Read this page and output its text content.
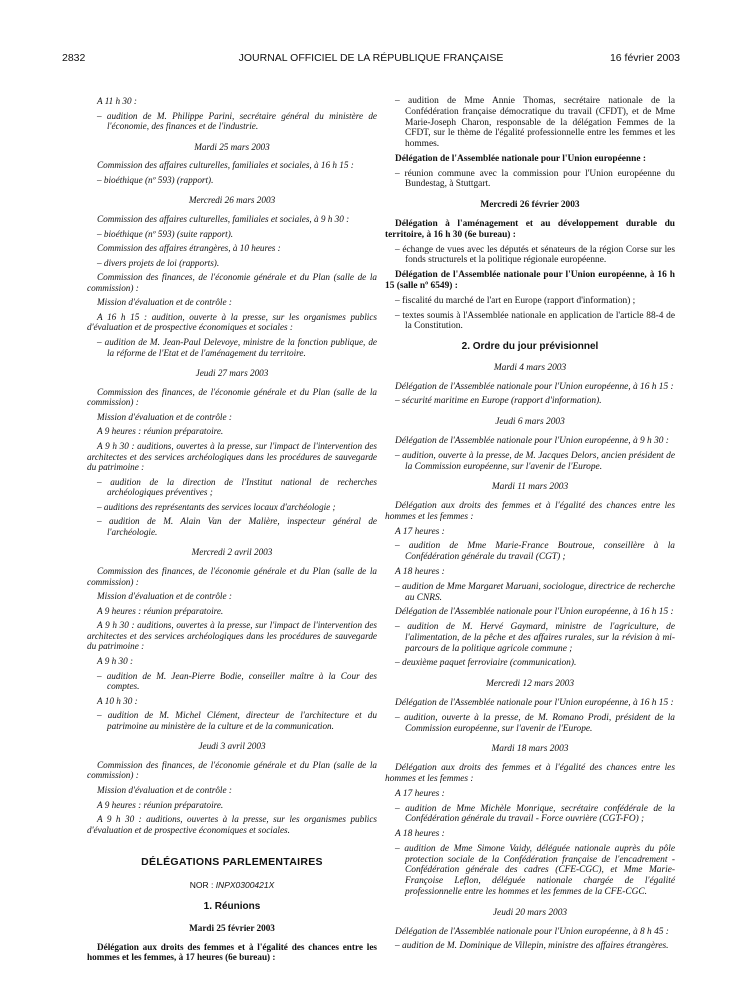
2832	JOURNAL OFFICIEL DE LA RÉPUBLIQUE FRANÇAISE	16 février 2003
A 11 h 30 :
– audition de M. Philippe Parini, secrétaire général du ministère de l'économie, des finances et de l'industrie.
Mardi 25 mars 2003
Commission des affaires culturelles, familiales et sociales, à 16 h 15 :
– bioéthique (nº 593) (rapport).
Mercredi 26 mars 2003
Commission des affaires culturelles, familiales et sociales, à 9 h 30 :
– bioéthique (nº 593) (suite rapport).
Commission des affaires étrangères, à 10 heures :
– divers projets de loi (rapports).
Commission des finances, de l'économie générale et du Plan (salle de la commission) :
Mission d'évaluation et de contrôle :
A 16 h 15 : audition, ouverte à la presse, sur les organismes publics d'évaluation et de prospective économiques et sociales :
– audition de M. Jean-Paul Delevoye, ministre de la fonction publique, de la réforme de l'Etat et de l'aménagement du territoire.
Jeudi 27 mars 2003
Commission des finances, de l'économie générale et du Plan (salle de la commission) :
Mission d'évaluation et de contrôle :
A 9 heures : réunion préparatoire.
A 9 h 30 : auditions, ouvertes à la presse, sur l'impact de l'intervention des architectes et des services archéologiques dans les procédures de sauvegarde du patrimoine :
– audition de la direction de l'Institut national de recherches archéologiques préventives ;
– auditions des représentants des services locaux d'archéologie ;
– audition de M. Alain Van der Malière, inspecteur général de l'archéologie.
Mercredi 2 avril 2003
Commission des finances, de l'économie générale et du Plan (salle de la commission) :
Mission d'évaluation et de contrôle :
A 9 heures : réunion préparatoire.
A 9 h 30 : auditions, ouvertes à la presse, sur l'impact de l'intervention des architectes et des services archéologiques dans les procédures de sauvegarde du patrimoine :
A 9 h 30 :
– audition de M. Jean-Pierre Bodie, conseiller maître à la Cour des comptes.
A 10 h 30 :
– audition de M. Michel Clément, directeur de l'architecture et du patrimoine au ministère de la culture et de la communication.
Jeudi 3 avril 2003
Commission des finances, de l'économie générale et du Plan (salle de la commission) :
Mission d'évaluation et de contrôle :
A 9 heures : réunion préparatoire.
A 9 h 30 : auditions, ouvertes à la presse, sur les organismes publics d'évaluation et de prospective économiques et sociales.
DÉLÉGATIONS PARLEMENTAIRES
NOR : INPX0300421X
1. Réunions
Mardi 25 février 2003
Délégation aux droits des femmes et à l'égalité des chances entre les hommes et les femmes, à 17 heures (6e bureau) :
– audition de Mme Annie Thomas, secrétaire nationale de la Confédération française démocratique du travail (CFDT), et de Mme Marie-Joseph Charon, responsable de la délégation Femmes de la CFDT, sur le thème de l'égalité professionnelle entre les femmes et les hommes.
Délégation de l'Assemblée nationale pour l'Union européenne :
– réunion commune avec la commission pour l'Union européenne du Bundestag, à Stuttgart.
Mercredi 26 février 2003
Délégation à l'aménagement et au développement durable du territoire, à 16 h 30 (6e bureau) :
– échange de vues avec les députés et sénateurs de la région Corse sur les fonds structurels et la politique régionale européenne.
Délégation de l'Assemblée nationale pour l'Union européenne, à 16 h 15 (salle nº 6549) :
– fiscalité du marché de l'art en Europe (rapport d'information) ;
– textes soumis à l'Assemblée nationale en application de l'article 88-4 de la Constitution.
2. Ordre du jour prévisionnel
Mardi 4 mars 2003
Délégation de l'Assemblée nationale pour l'Union européenne, à 16 h 15 :
– sécurité maritime en Europe (rapport d'information).
Jeudi 6 mars 2003
Délégation de l'Assemblée nationale pour l'Union européenne, à 9 h 30 :
– audition, ouverte à la presse, de M. Jacques Delors, ancien président de la Commission européenne, sur l'avenir de l'Europe.
Mardi 11 mars 2003
Délégation aux droits des femmes et à l'égalité des chances entre les hommes et les femmes :
A 17 heures :
– audition de Mme Marie-France Boutroue, conseillère à la Confédération générale du travail (CGT) ;
A 18 heures :
– audition de Mme Margaret Maruani, sociologue, directrice de recherche au CNRS.
Délégation de l'Assemblée nationale pour l'Union européenne, à 16 h 15 :
– audition de M. Hervé Gaymard, ministre de l'agriculture, de l'alimentation, de la pêche et des affaires rurales, sur la révision à mi-parcours de la politique agricole commune ;
– deuxième paquet ferroviaire (communication).
Mercredi 12 mars 2003
Délégation de l'Assemblée nationale pour l'Union européenne, à 16 h 15 :
– audition, ouverte à la presse, de M. Romano Prodi, président de la Commission européenne, sur l'avenir de l'Europe.
Mardi 18 mars 2003
Délégation aux droits des femmes et à l'égalité des chances entre les hommes et les femmes :
A 17 heures :
– audition de Mme Michèle Monrique, secrétaire confédérale de la Confédération générale du travail - Force ouvrière (CGT-FO) ;
A 18 heures :
– audition de Mme Simone Vaidy, déléguée nationale auprès du pôle protection sociale de la Confédération française de l'encadrement - Confédération générale des cadres (CFE-CGC), et Mme Marie-Françoise Leflon, déléguée nationale chargée de l'égalité professionnelle entre les hommes et les femmes de la CFE-CGC.
Jeudi 20 mars 2003
Délégation de l'Assemblée nationale pour l'Union européenne, à 8 h 45 :
– audition de M. Dominique de Villepin, ministre des affaires étrangères.
